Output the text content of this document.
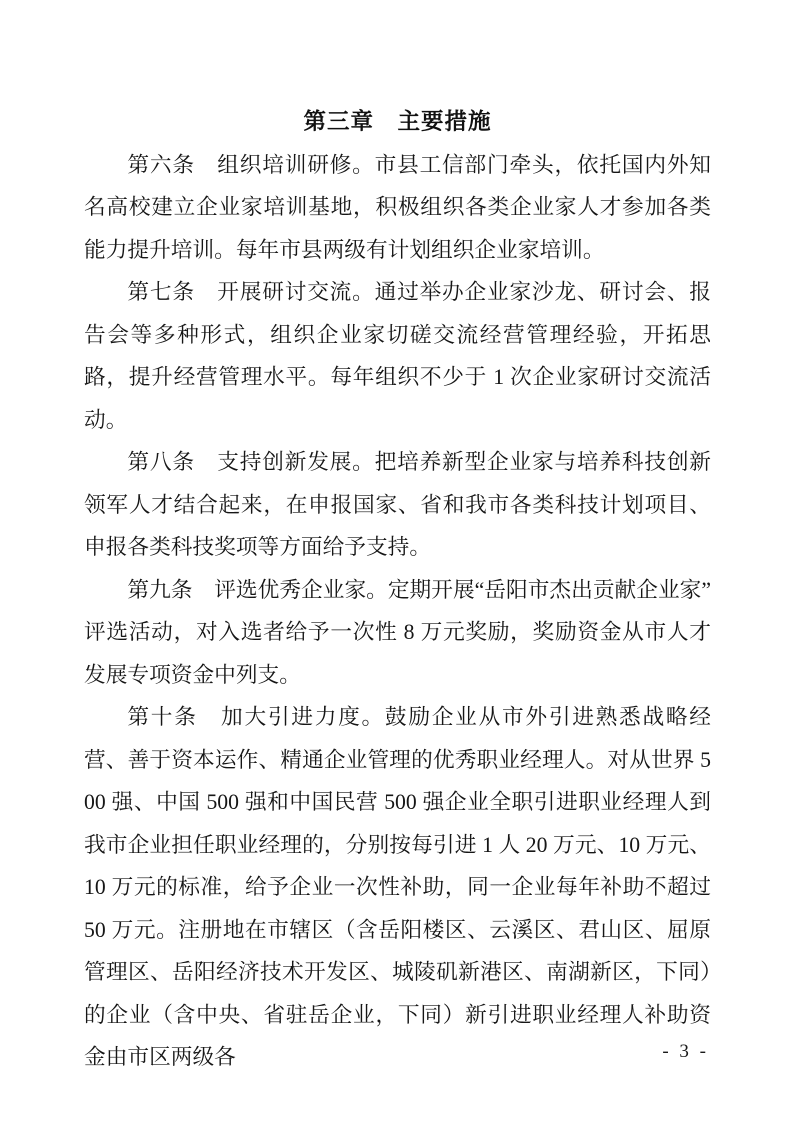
第三章　主要措施

第六条　组织培训研修。市县工信部门牵头，依托国内外知名高校建立企业家培训基地，积极组织各类企业家人才参加各类能力提升培训。每年市县两级有计划组织企业家培训。

第七条　开展研讨交流。通过举办企业家沙龙、研讨会、报告会等多种形式，组织企业家切磋交流经营管理经验，开拓思路，提升经营管理水平。每年组织不少于 1 次企业家研讨交流活动。

第八条　支持创新发展。把培养新型企业家与培养科技创新领军人才结合起来，在申报国家、省和我市各类科技计划项目、申报各类科技奖项等方面给予支持。

第九条　评选优秀企业家。定期开展“岳阳市杰出贡献企业家”评选活动，对入选者给予一次性 8 万元奖励，奖励资金从市人才发展专项资金中列支。

第十条　加大引进力度。鼓励企业从市外引进熟悉战略经营、善于资本运作、精通企业管理的优秀职业经理人。对从世界 500 强、中国 500 强和中国民营 500 强企业全职引进职业经理人到我市企业担任职业经理的，分别按每引进 1 人 20 万元、10 万元、10 万元的标准，给予企业一次性补助，同一企业每年补助不超过 50 万元。注册地在市辖区（含岳阳楼区、云溪区、君山区、屈原管理区、岳阳经济技术开发区、城陵矶新港区、南湖新区，下同）的企业（含中央、省驻岳企业，下同）新引进职业经理人补助资金由市区两级各	- 3 -
